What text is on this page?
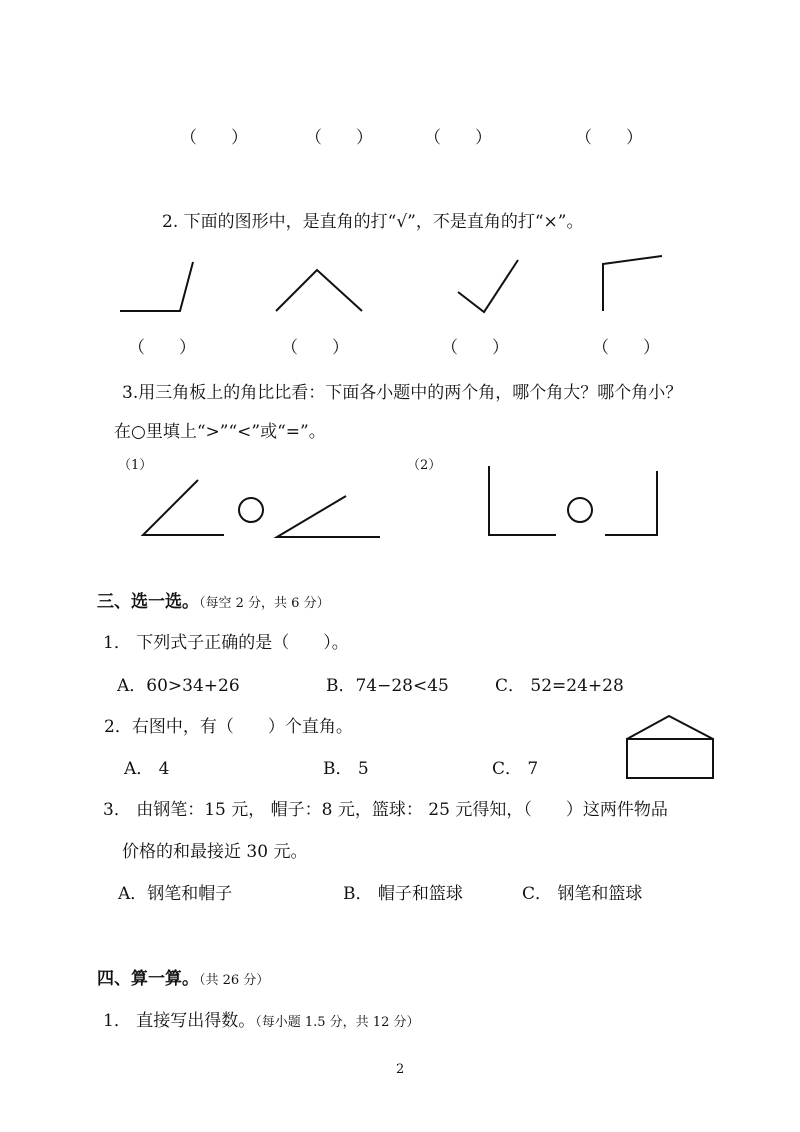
（　　）	（　　）	（　　）	（　　）
2. 下面的图形中，是直角的打“√”，不是直角的打“×”。
（　　）	（　　）	（　　）	（　　）
3.用三角板上的角比比看：下面各小题中的两个角，哪个角大？哪个角小？
在○里填上“>”“<”或“=”。
（1）	（2）
三、选一选。（每空 2 分，共 6 分）
1． 下列式子正确的是（　　）。
A．60>34+26	B．74−28<45	C． 52=24+28
2．右图中，有（　　）个直角。
A． 4	B． 5	C． 7
3． 由钢笔：15 元， 帽子：8 元，篮球： 25 元得知，（　　）这两件物品
价格的和最接近 30 元。
A．钢笔和帽子	B． 帽子和篮球	C． 钢笔和篮球
四、算一算。（共 26 分）
1． 直接写出得数。（每小题 1.5 分，共 12 分）
2
